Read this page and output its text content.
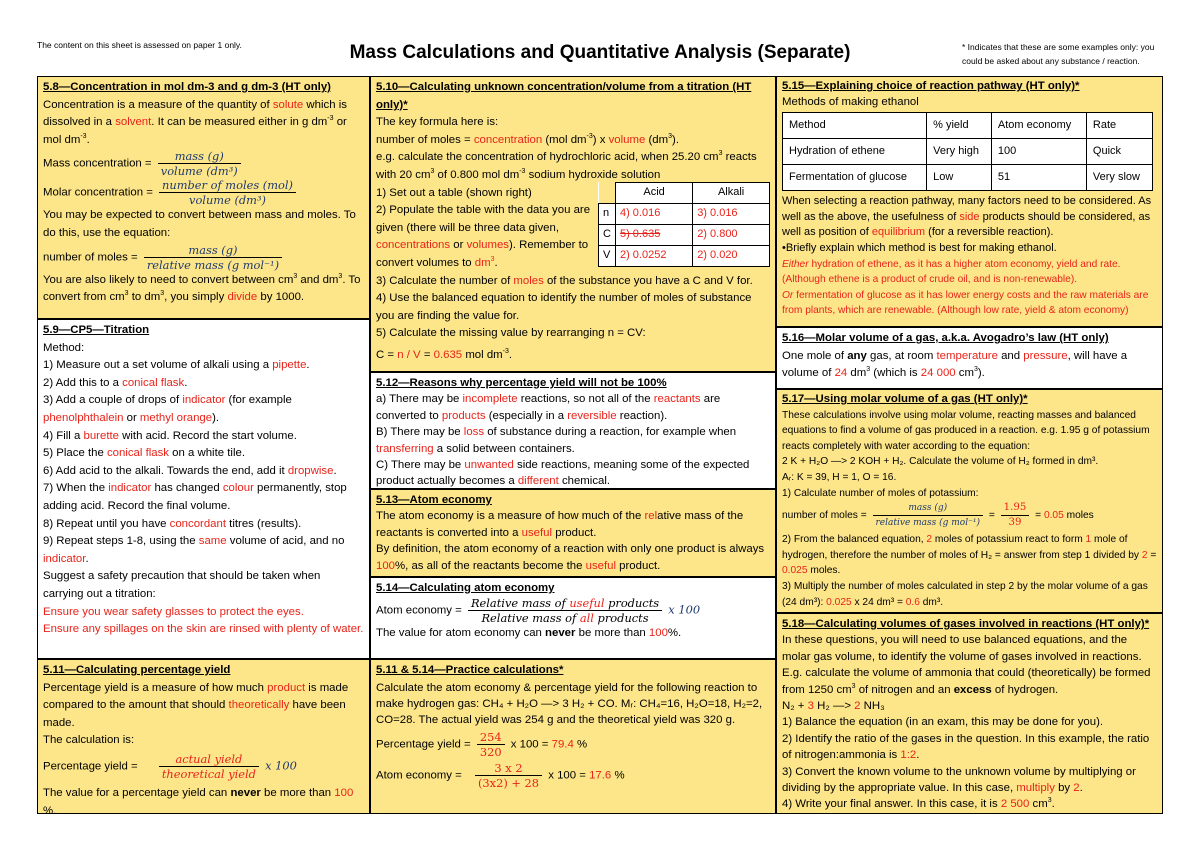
The content on this sheet is assessed on paper 1 only.	Mass Calculations and Quantitative Analysis (Separate)	* Indicates that these are some examples only: you could be asked about any substance / reaction.
5.8—Concentration in mol dm-3 and g dm-3 (HT only)
Concentration is a measure of the quantity of solute which is dissolved in a solvent. It can be measured either in g $dm^{-3}$ or mol $dm^{-3}$.
Mass concentration = $\frac{\text{mass (g)}}{\text{volume (dm³)}}$
Molar concentration = $\frac{\text{number of moles (mol)}}{\text{volume (dm³)}}$
You may be expected to convert between mass and moles. To do this, use the equation:
number of moles = $\frac{\text{mass (g)}}{\text{relative mass (g mol⁻¹)}}$
You are also likely to need to convert between $cm^3$ and $dm^3$. To convert from $cm^3$ to $dm^3$, you simply divide by 1000.
5.9—CP5—Titration
Method:
1) Measure out a set volume of alkali using a pipette.
2) Add this to a conical flask.
3) Add a couple of drops of indicator (for example phenolphthalein or methyl orange).
4) Fill a burette with acid. Record the start volume.
5) Place the conical flask on a white tile.
6) Add acid to the alkali. Towards the end, add it dropwise.
7) When the indicator has changed colour permanently, stop adding acid. Record the final volume.
8) Repeat until you have concordant titres (results).
9) Repeat steps 1-8, using the same volume of acid, and no indicator.
Suggest a safety precaution that should be taken when carrying out a titration:
Ensure you wear safety glasses to protect the eyes.
Ensure any spillages on the skin are rinsed with plenty of water.
5.11—Calculating percentage yield
Percentage yield is a measure of how much product is made compared to the amount that should theoretically have been made.
The calculation is:
Percentage yield = $\frac{\text{actual yield}}{\text{theoretical yield}}$ x 100
The value for a percentage yield can never be more than 100 %.
5.10—Calculating unknown concentration/volume from a titration (HT only)*
The key formula here is:
number of moles = concentration (mol $dm^{-3}$) x volume $(dm^3)$.
e.g. calculate the concentration of hydrochloric acid, when 25.20 $cm^3$ reacts
with 20 $cm^3$ of 0.800 mol $dm^{-3}$ sodium hydroxide solution
1) Set out a table (shown right)
2) Populate the table with the data you are given (there will be three data given, concentrations or volumes). Remember to convert volumes to $dm^3$.
	Acid	Alkali
n	4) 0.016	3) 0.016
C	5) 0.635	2) 0.800
V	2) 0.0252	2) 0.020
3) Calculate the number of moles of the substance you have a C and V for.
4) Use the balanced equation to identify the number of moles of substance you are finding the value for.
5) Calculate the missing value by rearranging n = CV:
C = n / V = 0.635 mol $dm^{-3}$.
5.12—Reasons why percentage yield will not be 100%
a) There may be incomplete reactions, so not all of the reactants are converted to products (especially in a reversible reaction).
B) There may be loss of substance during a reaction, for example when transferring a solid between containers.
C) There may be unwanted side reactions, meaning some of the expected product actually becomes a different chemical.
5.13—Atom economy
The atom economy is a measure of how much of the relative mass of the reactants is converted into a useful product.
By definition, the atom economy of a reaction with only one product is always 100%, as all of the reactants become the useful product.
5.14—Calculating atom economy
Atom economy = $\frac{\text{Relative mass of useful products}}{\text{Relative mass of all products}}$ x 100
The value for atom economy can never be more than 100%.
5.11 & 5.14—Practice calculations*
Calculate the atom economy & percentage yield for the following reaction to make hydrogen gas: CH₄ + H₂O —> 3 H₂ + CO. Mᵣ: CH₄=16, H₂O=18, H₂=2, CO=28. The actual yield was 254 g and the theoretical yield was 320 g.
Percentage yield = $\frac{254}{320}$ x 100 = 79.4 %
Atom economy = $\frac{3 x 2}{(3x2) + 28}$ x 100 = 17.6 %
5.15—Explaining choice of reaction pathway (HT only)*
Methods of making ethanol
Method	% yield	Atom economy	Rate
Hydration of ethene	Very high	100	Quick
Fermentation of glucose	Low	51	Very slow
When selecting a reaction pathway, many factors need to be considered. As well as the above, the usefulness of side products should be considered, as well as position of equilibrium (for a reversible reaction).
•Briefly explain which method is best for making ethanol.
Either hydration of ethene, as it has a higher atom economy, yield and rate.
(Although ethene is a product of crude oil, and is non-renewable).
Or fermentation of glucose as it has lower energy costs and the raw materials are from plants, which are renewable. (Although low rate, yield & atom economy)
5.16—Molar volume of a gas, a.k.a. Avogadro’s law (HT only)
One mole of any gas, at room temperature and pressure, will have a volume of 24 $dm^3$ (which is 24 000 $cm^3$).
5.17—Using molar volume of a gas (HT only)*
These calculations involve using molar volume, reacting masses and balanced equations to find a volume of gas produced in a reaction. e.g. 1.95 g of potassium reacts completely with water according to the equation:
2 K + H₂O —> 2 KOH + H₂. Calculate the volume of H₂ formed in dm³.
Aᵣ: K = 39, H = 1, O = 16.
1) Calculate number of moles of potassium:
number of moles = $\frac{\text{mass (g)}}{\text{relative mass (g mol⁻¹)}} = \frac{1.95}{39} = 0.05$ moles
2) From the balanced equation, 2 moles of potassium react to form 1 mole of hydrogen, therefore the number of moles of H₂ = answer from step 1 divided by 2 = 0.025 moles.
3) Multiply the number of moles calculated in step 2 by the molar volume of a gas (24 dm³): 0.025 x 24 dm³ = 0.6 dm³.
5.18—Calculating volumes of gases involved in reactions (HT only)*
In these questions, you will need to use balanced equations, and the molar gas volume, to identify the volume of gases involved in reactions.
E.g. calculate the volume of ammonia that could (theoretically) be formed from 1250 $cm^3$ of nitrogen and an excess of hydrogen.
N₂ + 3 H₂ —> 2 NH₃
1) Balance the equation (in an exam, this may be done for you).
2) Identify the ratio of the gases in the question. In this example, the ratio of nitrogen:ammonia is 1:2.
3) Convert the known volume to the unknown volume by multiplying or dividing by the appropriate value. In this case, multiply by 2.
4) Write your final answer. In this case, it is 2 500 $cm^3$.
